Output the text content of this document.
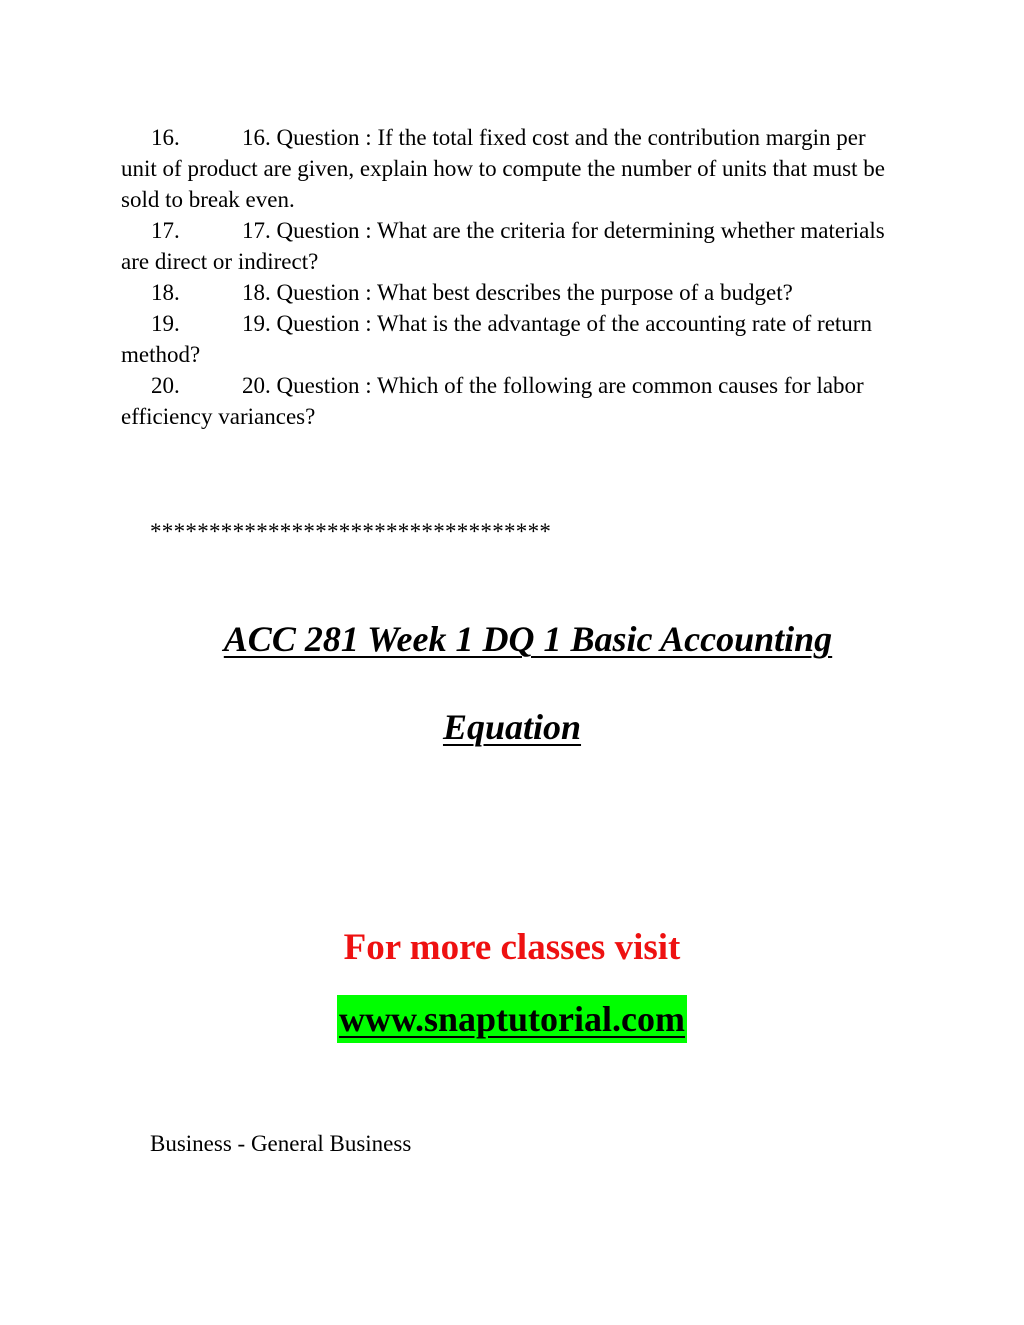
16.	16. Question : If the total fixed cost and the contribution margin per unit of product are given, explain how to compute the number of units that must be sold to break even.

17.	17. Question : What are the criteria for determining whether materials are direct or indirect?

18.	18. Question : What best describes the purpose of a budget?

19.	19. Question : What is the advantage of the accounting rate of return method?

20.	20. Question : Which of the following are common causes for labor efficiency variances?

**********************************
ACC 281 Week 1 DQ 1 Basic Accounting
Equation
For more classes visit
www.snaptutorial.com
Business - General Business
